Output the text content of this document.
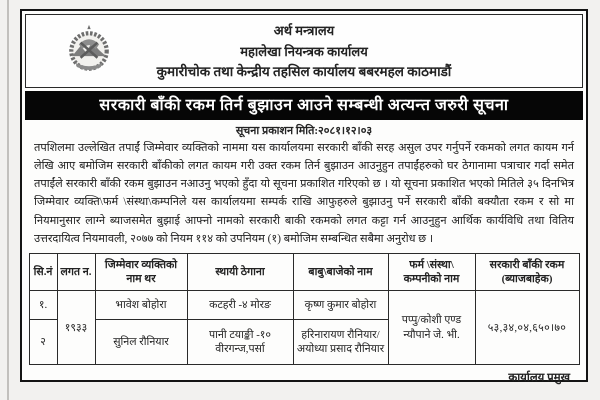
अर्थ मन्त्रालय
महालेखा नियन्त्रक कार्यालय
कुमारीचोक तथा केन्द्रीय तहसिल कार्यालय बबरमहल काठमाडौं
सरकारी बाँकी रकम तिर्न बुझाउन आउने सम्बन्धी अत्यन्त जरुरी सूचना
सूचना प्रकाशन मिति:२०८१।१२।०३
तपशिलमा उल्लेखित तपाईं जिम्मेवार व्यक्तिको नाममा यस कार्यालयमा सरकारी बाँकी सरह असुल उपर गर्नुपर्ने रकमको लगत कायम गर्न लेखि आए बमोजिम सरकारी बाँकीको लगत कायम गरी उक्त रकम तिर्न बुझाउन आउनुहुन तपाईंहरुको घर ठेगानामा पत्राचार गर्दा समेत तपाईंले सरकारी बाँकी रकम बुझाउन नआउनु भएको हुँदा यो सूचना प्रकाशित गरिएको छ । यो सूचना प्रकाशित भएको मितिले ३५ दिनभित्र जिम्मेवार व्यक्ति\फर्म \संस्था\कम्पनिले यस कार्यालयमा सम्पर्क राखि आफुहरुले बुझाउनु पर्ने सरकारी बाँकी बक्यौता रकम र सो मा नियमानुसार लाग्ने ब्याजसमेत बुझाई आफ्नो नामको सरकारी बाकी रकमको लगत कट्टा गर्न आउनुहुन आर्थिक कार्यविधि तथा वितिय उत्तरदायित्व नियमावली, २०७७ को नियम ११४ को उपनियम (१) बमोजिम सम्बन्धित सबैमा अनुरोध छ ।
सि.नं	लगत न.	जिम्मेवार व्यक्तिको नाम थर	स्थायी ठेगाना	बाबु\बाजेको नाम	फर्म \संस्था\ कम्पनीको नाम	सरकारी बाँकी रकम (ब्याजबाहेक)
१.	१९३३	भावेश बोहोरा	कटहरी -४ मोरङ	कृष्ण कुमार बोहोरा	पप्पु/कोशी एण्ड न्यौपाने जे. भी.	५३,३४,०४,६५०।७०
२		सुनिल रौनियार	पानी टयाङ्की -१० वीरगन्ज,पर्सा	हरिनारायण रौनियार/ अयोध्या प्रसाद रौनियार		
कार्यालय प्रमुख
